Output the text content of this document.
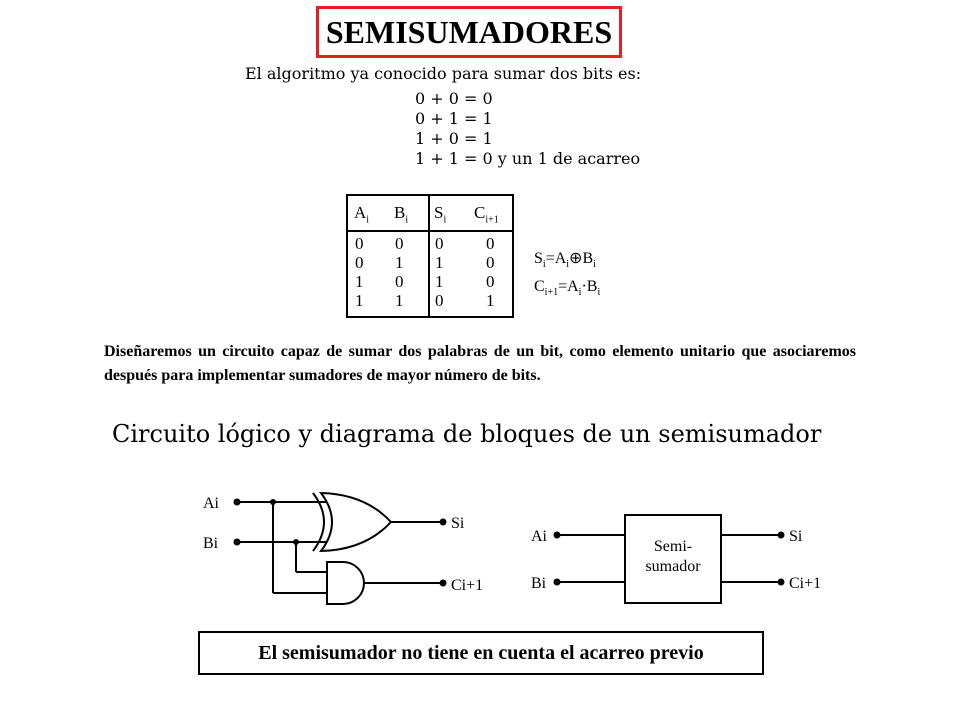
SEMISUMADORES
El algoritmo ya conocido para sumar dos bits es:
0 + 0 = 0
0 + 1 = 1
1 + 0 = 1
1 + 1 = 0 y un 1 de acarreo
$A_i$ $B_i$ $S_i$ $C_{i+1}$
0 0 0	0
0 1 1	0
1 0 1	0
1 1 0	1
$S_i=A_i\oplus B_i$
$C_{i+1}=A_i\cdot B_i$
Diseñaremos un circuito capaz de sumar dos palabras de un bit, como elemento unitario que asociaremos después para implementar sumadores de mayor número de bits.
Circuito lógico y diagrama de bloques de un semisumador
Ai
Bi
Si
Ci+1
Ai
Bi
Semi-
sumador
Si
Ci+1
El semisumador no tiene en cuenta el acarreo previo
